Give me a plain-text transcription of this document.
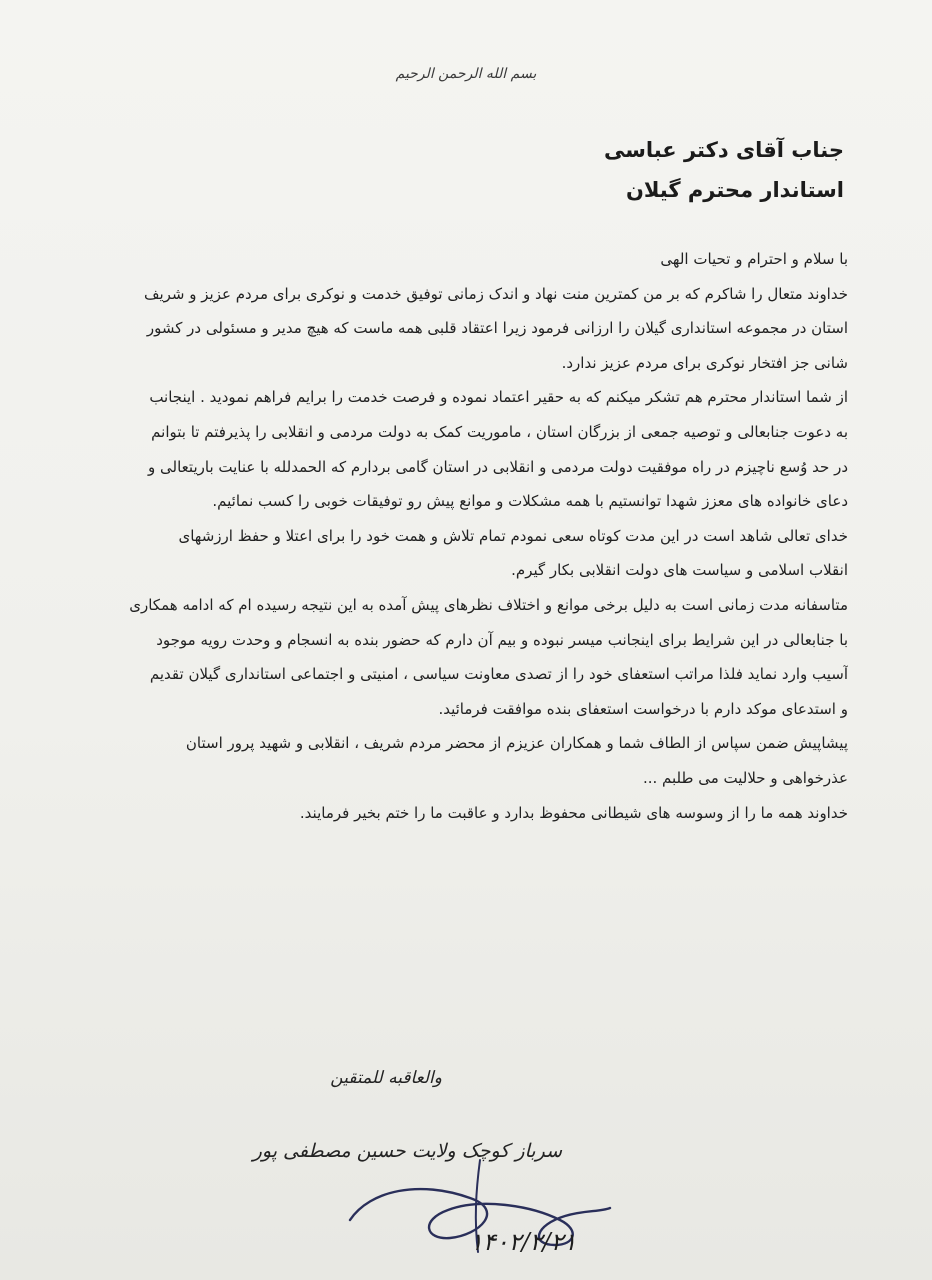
بسم الله الرحمن الرحیم
جناب آقای دکتر عباسی
استاندار محترم گیلان
با سلام و احترام و تحیات الهی
خداوند متعال را شاکرم که بر من کمترین منت نهاد و اندک زمانی توفیق خدمت و نوکری برای مردم عزیز و شریف
استان در مجموعه استانداری گیلان را ارزانی فرمود زیرا اعتقاد قلبی همه ماست که هیچ مدیر و مسئولی در کشور
شانی جز افتخار نوکری برای مردم عزیز ندارد.
از شما استاندار محترم هم تشکر میکنم که به حقیر اعتماد نموده و فرصت خدمت را برایم فراهم نمودید . اینجانب
به دعوت جنابعالی و توصیه جمعی از بزرگان استان ، ماموریت کمک به دولت مردمی و انقلابی را پذیرفتم تا بتوانم
در حد وُسع ناچیزم در راه موفقیت دولت مردمی و انقلابی در استان گامی بردارم که الحمدلله با عنایت باریتعالی و
دعای خانواده های معزز شهدا توانستیم با همه مشکلات و موانع پیش رو توفیقات خوبی را کسب نمائیم.
خدای تعالی شاهد است در این مدت کوتاه سعی نمودم تمام تلاش و همت خود را برای اعتلا و حفظ ارزشهای
انقلاب اسلامی و سیاست های دولت انقلابی بکار گیرم.
متاسفانه مدت زمانی است به دلیل برخی موانع و اختلاف نظرهای پیش آمده به این نتیجه رسیده ام که ادامه همکاری
با جنابعالی در این شرایط برای اینجانب میسر نبوده و بیم آن دارم که حضور بنده به انسجام و وحدت رویه موجود
آسیب وارد نماید فلذا مراتب استعفای خود را از تصدی معاونت سیاسی ، امنیتی و اجتماعی استانداری گیلان تقدیم
و استدعای موکد دارم با درخواست استعفای بنده موافقت فرمائید.
پیشاپیش ضمن سپاس از الطاف شما و همکاران عزیزم از محضر مردم شریف ، انقلابی و شهید پرور استان
عذرخواهی و حلالیت می طلبم ...
خداوند همه ما را از وسوسه های شیطانی محفوظ بدارد و عاقبت ما را ختم بخیر فرمایند.
والعاقبه للمتقین
سرباز کوچک ولایت حسین مصطفی پور
۱۴۰۲/۲/۲۱
